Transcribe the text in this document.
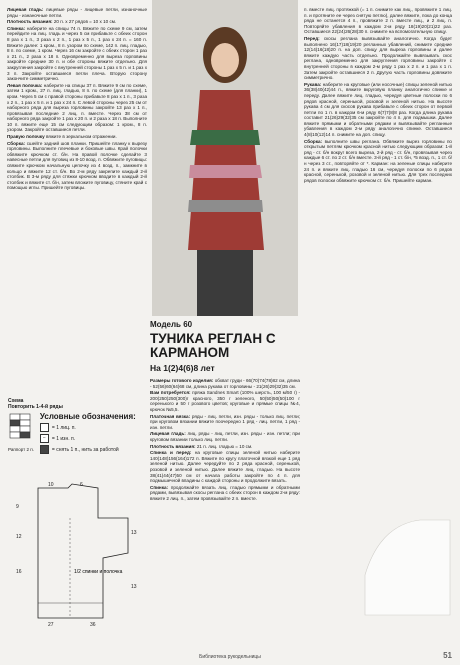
Лицевая гладь: лицевые ряды - лицевые петли, изнаночные ряды - изнаночные петли.

Плотность вязания: 20 п. х 27 рядов = 10 х 10 см.

Спинка: наберите на спицы 74 п. Вяжите по схеме 9 см, затем перейдите на лиц. гладь и через 5 см прибавьте с обеих сторон 8 раз x 1 п., 3 раза x 2 п., 1 раз x 5 п., 1 раз x 24 п. = 160 п. Вяжите далее: 1 кром., 8 п. узором по схеме, 142 п. лиц. гладью, 8 п. по схеме, 1 кром. Через 16 см закройте с обеих сторон 1 раз x 21 п., 2 раза x 18 п. Одновременно для выреза горловины закройте средние 30 п. и обе стороны вяжите отдельно. Для закругления закройте с внутренней стороны 1 раз x 5 п. и 1 раз x 3 п. Закройте оставшиеся петли плеча. Вторую сторону закончите симметрично.

Левая полочка: наберите на спицы 37 п. Вяжите 9 см по схеме, затем 1 кром., 27 п. лиц. гладью, 8 п. по схеме (для планки), 1 кром. Через 5 см с правой стороны прибавьте 8 раз x 1 п., 3 раза x 2 п., 1 раз x 5 п. и 1 раз x 24 п. С левой стороны через 25 см от наборного ряда для выреза горловины закройте 13 раз x 1 п., провязывая последние 2 лиц. п. вместе. Через 38 см от наборного ряда закройте 1 раз x 20 п. и 2 раза x 18 п. Выполните 10 п. вяжите еще 15 см следующим образом: 1 кром., 8 п. узором. Закройте оставшиеся петли.

Правую полочку вяжите в зеркальном отражении.

Сборка: сшейте задний шов планки. Пришейте планку к вырезу горловины. Выполните плечевые и боковые швы. Край полочки обвяжите крючком ст. б/н. На правой полочке сделайте 3 навесные петли для пуговиц из 8-10 возд. п. Обвяжите пуговицы: свяжите крючком начальную цепочку из 4 возд. п., замкните в кольцо и вяжите 12 ст. б/н. Во 2-м ряду закрепите каждый 2-й столбик. В 3-м ряду для стяжки крючком вводите в каждый 2-й столбик и вяжите ст. б/н, затем вложите пуговицу, стяните край с помощью иглы. Пришейте пуговицы.

Схема
Повторить 1-4-й ряды
Раппорт 2 п.
Условные обозначения:
= 1 лиц. п.
−	= 1 изн. п.
= снять 1 п., нить за работой
1/2 спинки и полочка
9
12
16
13
13
27	36
10	6
Модель 60
ТУНИКА РЕГЛАН С КАРМАНОМ
На 1(2)4(6)8 лет

Размеры готового изделия: обхват груди - 66(70)74(78)82 см, длина - 52(56)60(64)68 см, длина рукава от горловины - 21(26)29(32)35 см.

Вам потребуется: пряжа Sandnes Smart (100% шерсть, 100 м/50 г) - 200(250)250(300)г красного, 350 г зеленого, 50(50)50(50)100 г серенького и 50 г розового цветов; круговые и прямые спицы №4, крючок №5,5.

Платочная вязка: ряды - лиц. петли, изн. ряды - только лиц. петли; при круговом вязании вяжите поочередно 1 ряд - лиц. петли, 1 ряд - изн. петли.

Лицевая гладь: лиц. ряды - лиц. петли, изн. ряды - изн. петли; при круговом вязании только лиц. петли.

Плотность вязания: 21 п. лиц. гладью = 10 см.

Спинка и перед: на круговые спицы зеленой нитью наберите 140(148)156(164)172 п. Вяжите по кругу платочной вязкой еще 1 ряд зеленой нитью. Далее чередуйте по 2 ряда красной, серенькой, розовой и зеленой нитью. Далее вяжите лиц. гладью. На высоте 38(41)44(47)50 см от начала работы закройте по 4 п. для подмышечной впадины с каждой стороны и продолжите вязать.

Спинка: продолжайте вязать лиц. гладью прямыми и обратными рядами, вывязывая скосы реглана с обеих сторон в каждом 2-м ряду: вяжите 2 лиц. п., затем провязывайте 2 п. вместе.

п. вместе лиц. протяжкой (= 1 п. снимите как лиц., провяжите 1 лиц. п. и протяните ее через снятую петлю), далее вяжите, пока до конца ряда не останется 4 п., провяжите 2 п. вместе лиц., и 2 лиц. п. Повторяйте убавления в каждом 2-м ряду 18(19)20(21)22 раз. Оставшиеся 22(24)26(28)30 п. снимите на вспомогательную спицу.

Перед: скосы реглана вывязывайте аналогично. Когда будет выполнено 16(17)18(19)20 регланных убавлений, снимите средние 12(14)16(18)20 п. на доп. спицу для выреза горловины и далее вяжите каждую часть отдельно. Продолжайте вывязывать скос реглана, одновременно для закругления горловины закройте с внутренней стороны в каждом 2-м ряду 1 раз x 2 п. и 1 раз x 1 п. Затем закройте оставшиеся 2 п. Другую часть горловины довяжите симметрично.

Рукава: наберите на круговые (или носочные) спицы зеленой нитью 36(38)40(42)44 п., вяжите вкруговую планку аналогично спинке и переду. Далее вяжите лиц. гладью, чередуя цветные полоски по 6 рядов красной, серенькой, розовой и зеленой нитью. На высоте рукава 4 см для скосов рукава прибавьте с обеих сторон от первой петли по 1 п. в каждом 6-м ряду 6(7)7(8)8 раз. Когда длина рукава составит 21(26)29(32)35 см закройте по 4 п. для подмышки. Далее вяжите прямыми и обратными рядами и вывязывайте регланные убавления в каждом 2-м ряду аналогично спинке. Оставшиеся 4(8)10(12)14 п. снимите на доп. спицу.

Сборка: выполните швы реглана. Обвяжите вырез горловины по открытым петлям крючком красной нитью следующим образом: 1-й ряд - ст. б/н вокруг всего выреза, 2-й ряд - ст. б/н, провязывая через каждые 6 ст. по 2 ст. б/н вместе. 3-й ряд - 1 ст. б/н, *5 возд. п., 1 ст. б/н через 3 ст., повторяйте от *. Карман: на зеленые спицы наберите 24 п. и вяжите лиц. гладью 16 см, чередуя полоски по 6 рядов красной, серенькой, розовой и зеленой нитью. Для трех последних рядов полоски обвяжите крючком ст. б/н. Пришейте карман.

Библиотека рукодельницы	51
